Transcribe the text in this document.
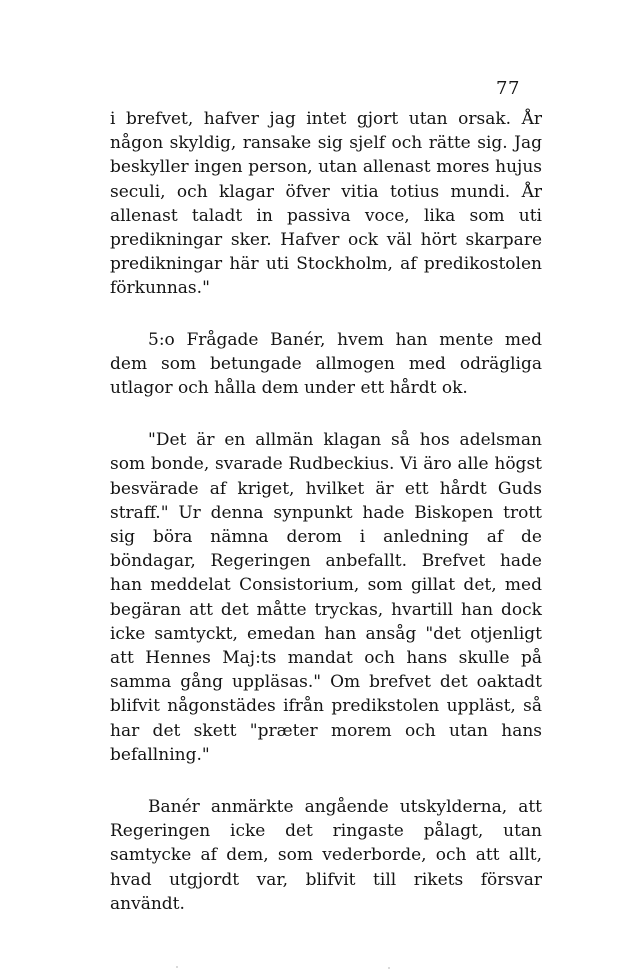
77

i brefvet, hafver jag intet gjort utan orsak. År någon skyldig, ransake sig sjelf och rätte sig. Jag beskyller ingen person, utan allenast mores hujus seculi, och klagar öfver vitia totius mundi. År allenast taladt in passiva voce, lika som uti predikningar sker. Hafver ock väl hört skarpare predikningar här uti Stockholm, af predikostolen förkunnas."

5:o Frågade Banér, hvem han mente med dem som betungade allmogen med odrägliga utlagor och hålla dem under ett hårdt ok.

"Det är en allmän klagan så hos adelsman som bonde, svarade Rudbeckius. Vi äro alle högst besvärade af kriget, hvilket är ett hårdt Guds straff." Ur denna synpunkt hade Biskopen trott sig böra nämna derom i anledning af de böndagar, Regeringen anbefallt. Brefvet hade han meddelat Consistorium, som gillat det, med begäran att det måtte tryckas, hvartill han dock icke samtyckt, emedan han ansåg "det otjenligt att Hennes Maj:ts mandat och hans skulle på samma gång uppläsas." Om brefvet det oaktadt blifvit någonstädes ifrån predikstolen uppläst, så har det skett "præter morem och utan hans befallning."

Banér anmärkte angående utskylderna, att Regeringen icke det ringaste pålagt, utan samtycke af dem, som vederborde, och att allt, hvad utgjordt var, blifvit till rikets försvar användt.
